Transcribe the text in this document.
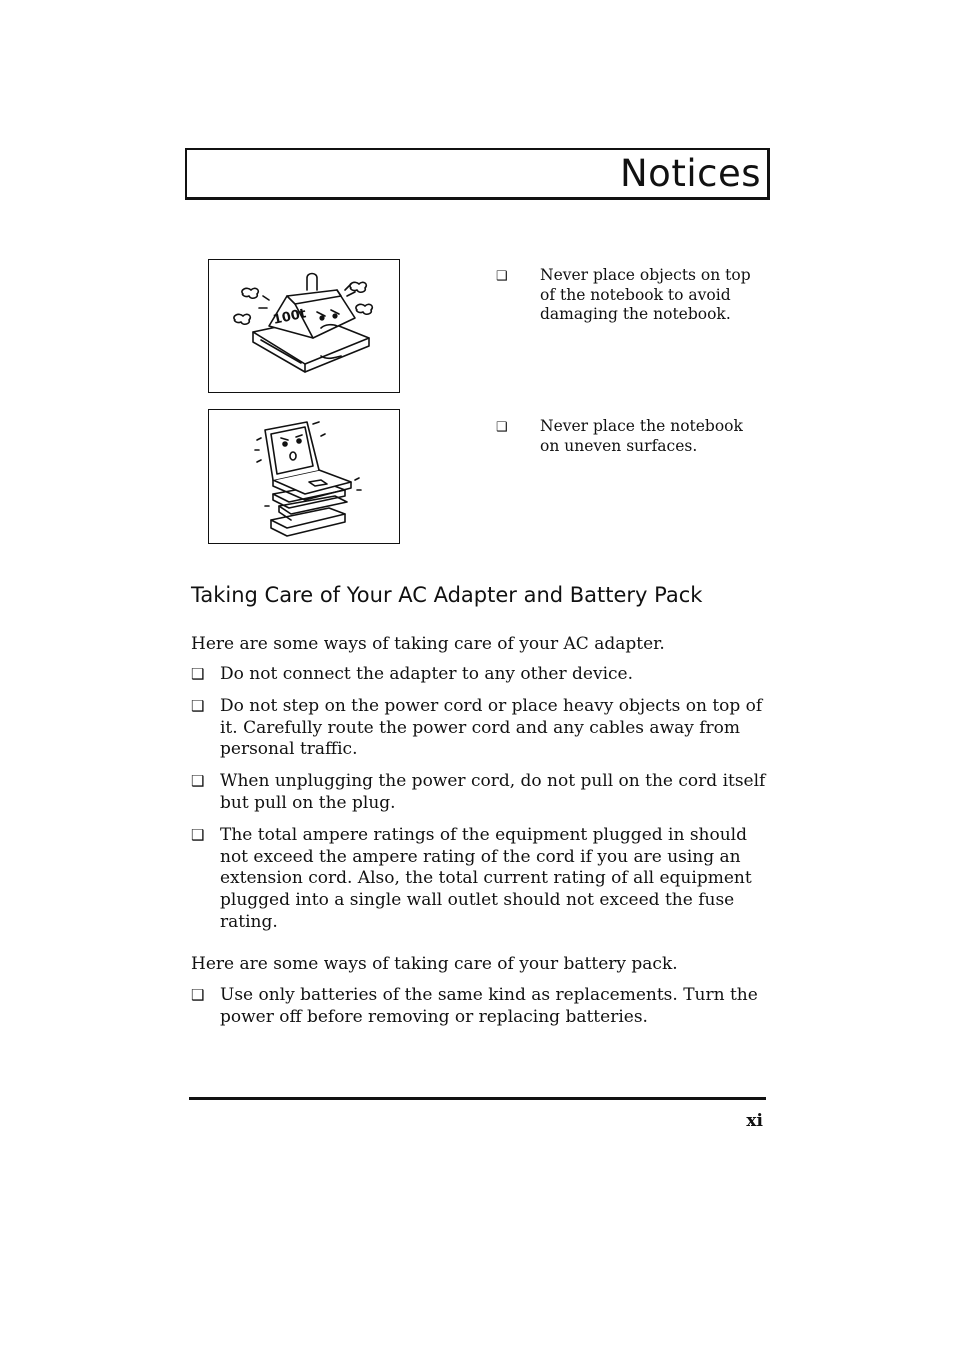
Notices
100t
❑ Never place objects on top of the notebook to avoid damaging the notebook.
❑ Never place the notebook on uneven surfaces.
Taking Care of Your AC Adapter and Battery Pack
Here are some ways of taking care of your AC adapter.
❑ Do not connect the adapter to any other device.
❑ Do not step on the power cord or place heavy objects on top of it. Carefully route the power cord and any cables away from personal traffic.
❑ When unplugging the power cord, do not pull on the cord itself but pull on the plug.
❑ The total ampere ratings of the equipment plugged in should not exceed the ampere rating of the cord if you are using an extension cord. Also, the total current rating of all equipment plugged into a single wall outlet should not exceed the fuse rating.
Here are some ways of taking care of your battery pack.
❑ Use only batteries of the same kind as replacements. Turn the power off before removing or replacing batteries.
xi
